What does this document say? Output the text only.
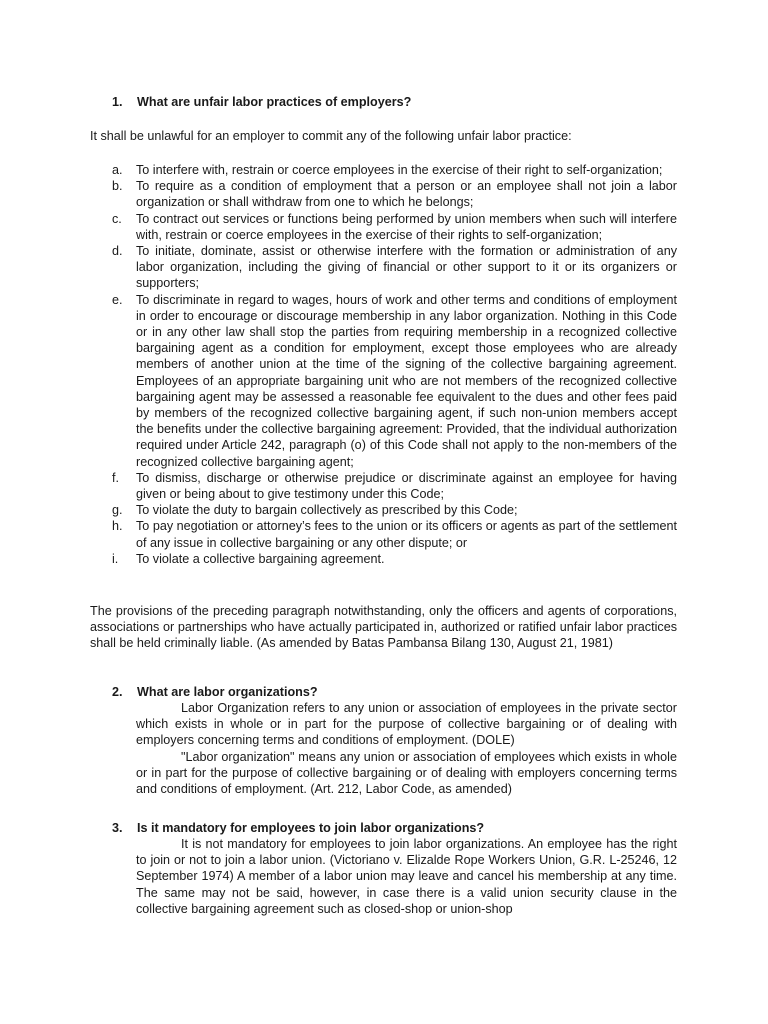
1.	What are unfair labor practices of employers?
It shall be unlawful for an employer to commit any of the following unfair labor practice:
a.	To interfere with, restrain or coerce employees in the exercise of their right to self-organization;
b.	To require as a condition of employment that a person or an employee shall not join a labor organization or shall withdraw from one to which he belongs;
c.	To contract out services or functions being performed by union members when such will interfere with, restrain or coerce employees in the exercise of their rights to self-organization;
d.	To initiate, dominate, assist or otherwise interfere with the formation or administration of any labor organization, including the giving of financial or other support to it or its organizers or supporters;
e.	To discriminate in regard to wages, hours of work and other terms and conditions of employment in order to encourage or discourage membership in any labor organization. Nothing in this Code or in any other law shall stop the parties from requiring membership in a recognized collective bargaining agent as a condition for employment, except those employees who are already members of another union at the time of the signing of the collective bargaining agreement. Employees of an appropriate bargaining unit who are not members of the recognized collective bargaining agent may be assessed a reasonable fee equivalent to the dues and other fees paid by members of the recognized collective bargaining agent, if such non-union members accept the benefits under the collective bargaining agreement: Provided, that the individual authorization required under Article 242, paragraph (o) of this Code shall not apply to the non-members of the recognized collective bargaining agent;
f.	To dismiss, discharge or otherwise prejudice or discriminate against an employee for having given or being about to give testimony under this Code;
g.	To violate the duty to bargain collectively as prescribed by this Code;
h.	To pay negotiation or attorney’s fees to the union or its officers or agents as part of the settlement of any issue in collective bargaining or any other dispute; or
i.	To violate a collective bargaining agreement.
The provisions of the preceding paragraph notwithstanding, only the officers and agents of corporations, associations or partnerships who have actually participated in, authorized or ratified unfair labor practices shall be held criminally liable. (As amended by Batas Pambansa Bilang 130, August 21, 1981)
2.	What are labor organizations?

Labor Organization refers to any union or association of employees in the private sector which exists in whole or in part for the purpose of collective bargaining or of dealing with employers concerning terms and conditions of employment. (DOLE)

"Labor organization" means any union or association of employees which exists in whole or in part for the purpose of collective bargaining or of dealing with employers concerning terms and conditions of employment. (Art. 212, Labor Code, as amended)

3.	Is it mandatory for employees to join labor organizations?

It is not mandatory for employees to join labor organizations. An employee has the right to join or not to join a labor union. (Victoriano v. Elizalde Rope Workers Union, G.R. L-25246, 12 September 1974) A member of a labor union may leave and cancel his membership at any time. The same may not be said, however, in case there is a valid union security clause in the collective bargaining agreement such as closed-shop or union-shop
